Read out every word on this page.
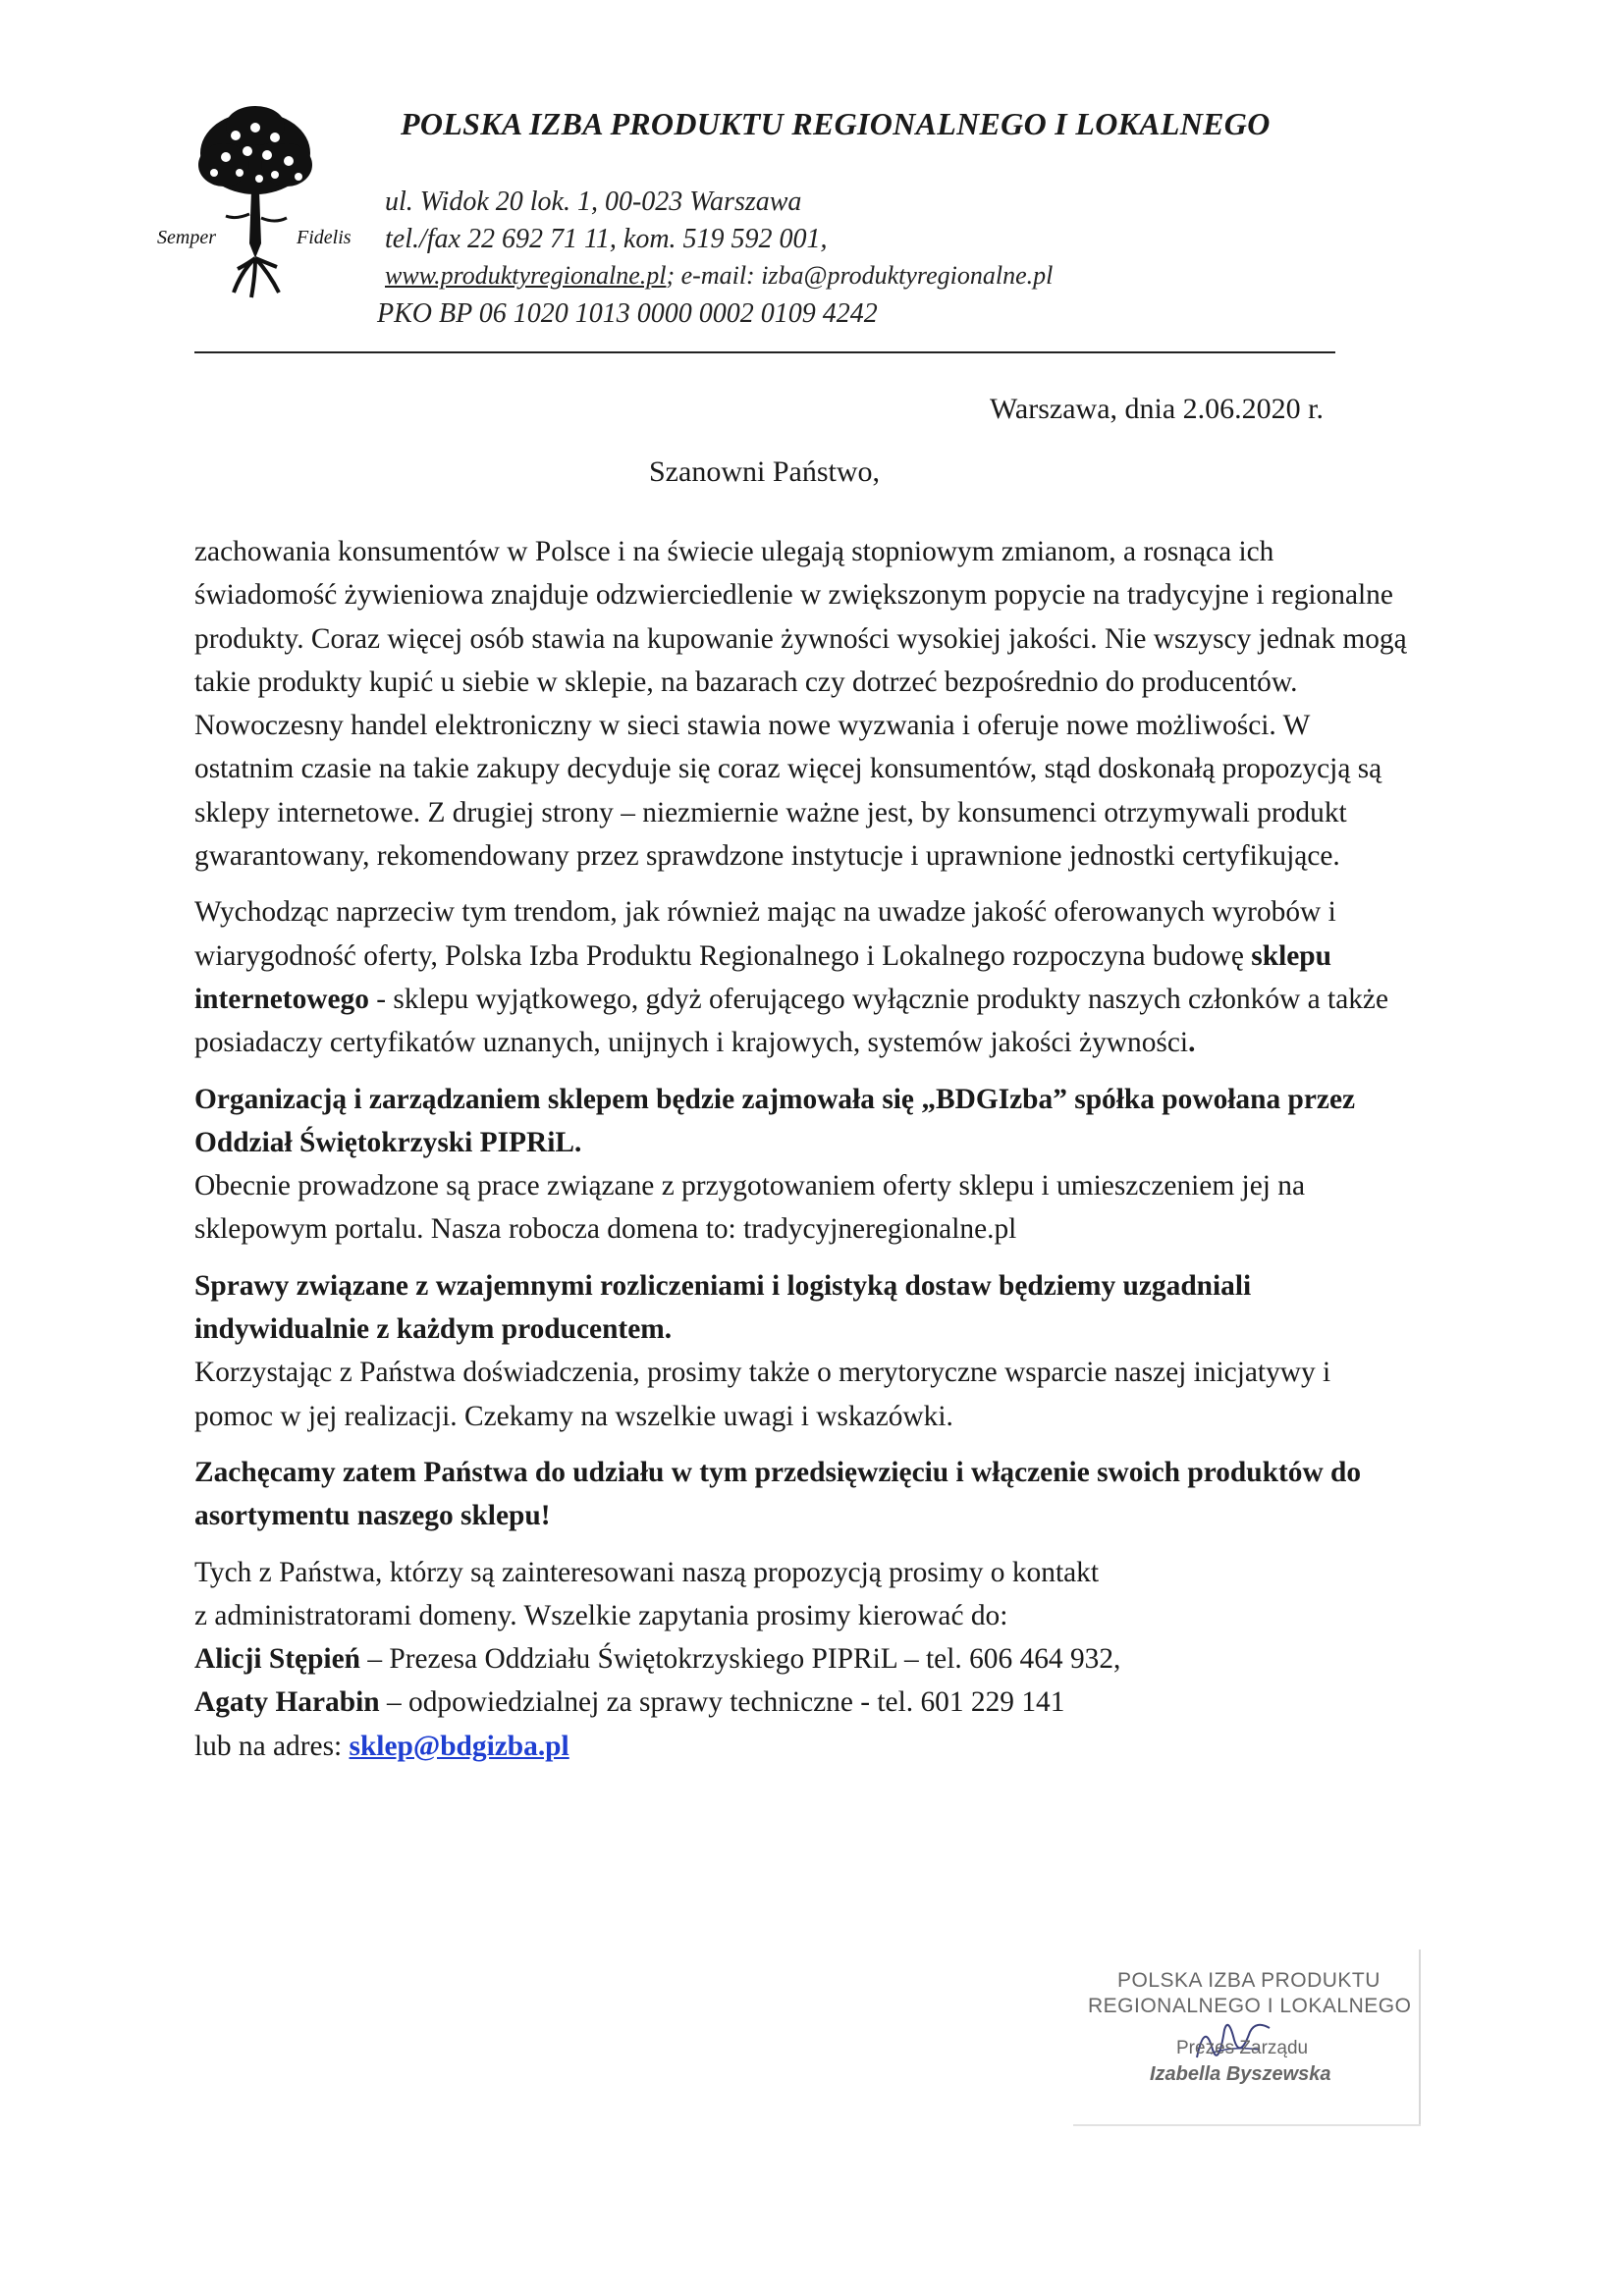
Semper	Fidelis
POLSKA IZBA PRODUKTU REGIONALNEGO I LOKALNEGO
ul. Widok 20 lok. 1, 00-023 Warszawa
tel./fax 22 692 71 11, kom. 519 592 001,
www.produktyregionalne.pl; e-mail: izba@produktyregionalne.pl
PKO BP 06 1020 1013 0000 0002 0109 4242
Warszawa, dnia 2.06.2020 r.
Szanowni Państwo,

zachowania konsumentów w Polsce i na świecie ulegają stopniowym zmianom, a rosnąca ich świadomość żywieniowa znajduje odzwierciedlenie w zwiększonym popycie na tradycyjne i regionalne produkty. Coraz więcej osób stawia na kupowanie żywności wysokiej jakości. Nie wszyscy jednak mogą takie produkty kupić u siebie w sklepie, na bazarach czy dotrzeć bezpośrednio do producentów. Nowoczesny handel elektroniczny w sieci stawia nowe wyzwania i oferuje nowe możliwości. W ostatnim czasie na takie zakupy decyduje się coraz więcej konsumentów, stąd doskonałą propozycją są sklepy internetowe. Z drugiej strony – niezmiernie ważne jest, by konsumenci otrzymywali produkt gwarantowany, rekomendowany przez sprawdzone instytucje i uprawnione jednostki certyfikujące.

Wychodząc naprzeciw tym trendom, jak również mając na uwadze jakość oferowanych wyrobów i wiarygodność oferty, Polska Izba Produktu Regionalnego i Lokalnego rozpoczyna budowę sklepu internetowego - sklepu wyjątkowego, gdyż oferującego wyłącznie produkty naszych członków a także posiadaczy certyfikatów uznanych, unijnych i krajowych, systemów jakości żywności.

Organizacją i zarządzaniem sklepem będzie zajmowała się „BDGIzba” spółka powołana przez Oddział Świętokrzyski PIPRiL.
Obecnie prowadzone są prace związane z przygotowaniem oferty sklepu i umieszczeniem jej na sklepowym portalu. Nasza robocza domena to: tradycyjneregionalne.pl

Sprawy związane z wzajemnymi rozliczeniami i logistyką dostaw będziemy uzgadniali indywidualnie z każdym producentem.
Korzystając z Państwa doświadczenia, prosimy także o merytoryczne wsparcie naszej inicjatywy i pomoc w jej realizacji. Czekamy na wszelkie uwagi i wskazówki.

Zachęcamy zatem Państwa do udziału w tym przedsięwzięciu i włączenie swoich produktów do asortymentu naszego sklepu!

Tych z Państwa, którzy są zainteresowani naszą propozycją prosimy o kontakt
z administratorami domeny. Wszelkie zapytania prosimy kierować do:
Alicji Stępień – Prezesa Oddziału Świętokrzyskiego PIPRiL – tel. 606 464 932,
Agaty Harabin – odpowiedzialnej za sprawy techniczne - tel. 601 229 141
lub na adres: sklep@bdgizba.pl

POLSKA IZBA PRODUKTU
REGIONALNEGO I LOKALNEGO
Prezes Zarządu
Izabella Byszewska
